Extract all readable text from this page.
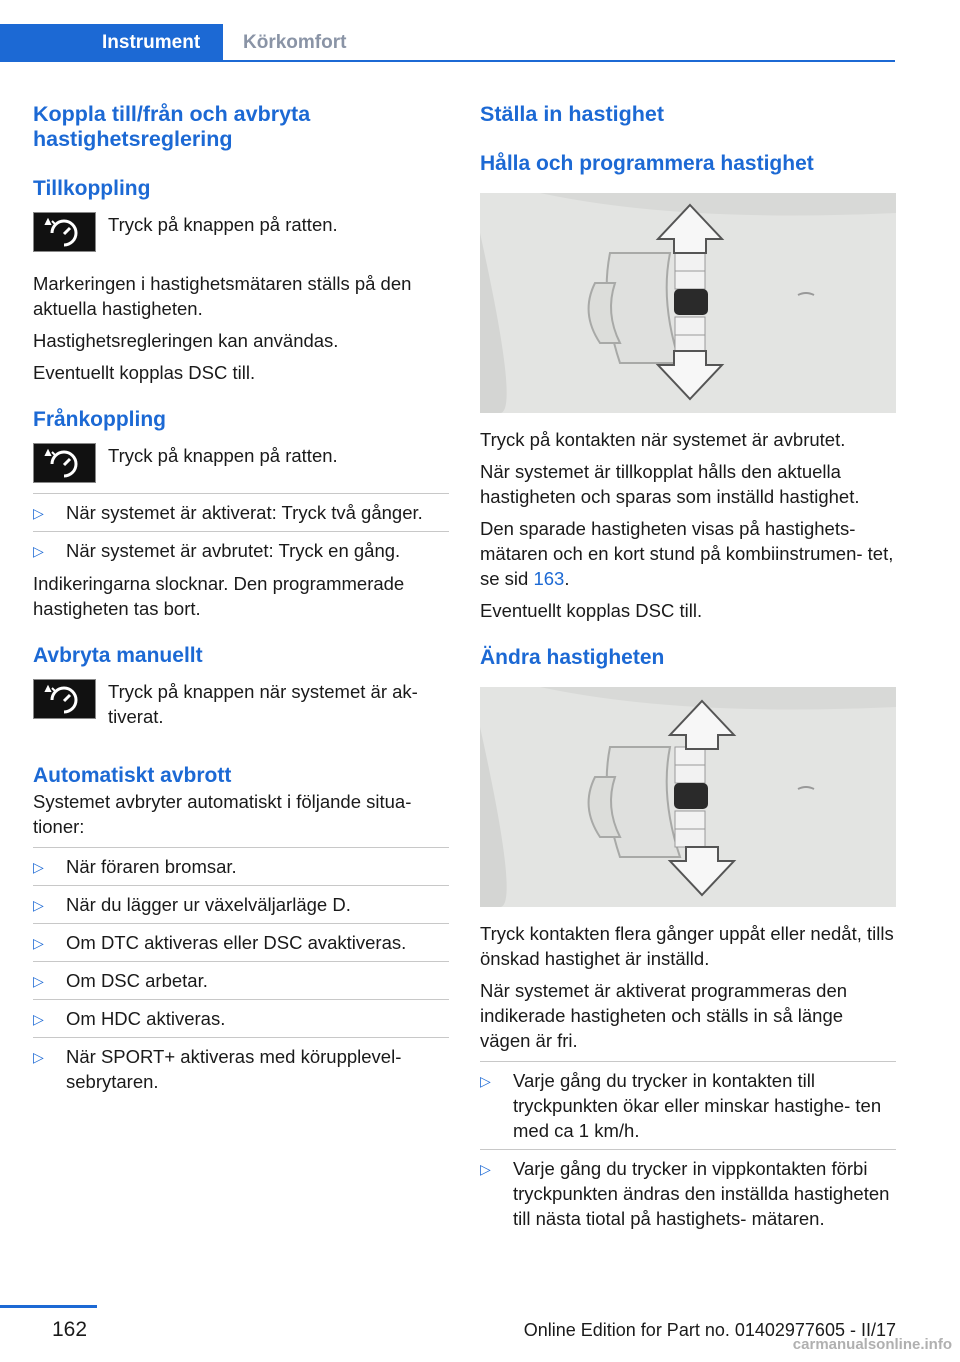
Instrument	Körkomfort
Koppla till/från och avbryta hastighetsreglering
Tillkoppling
Tryck på knappen på ratten.

Markeringen i hastighetsmätaren ställs på den aktuella hastigheten.

Hastighetsregleringen kan användas.

Eventuellt kopplas DSC till.

Frånkoppling
Tryck på knappen på ratten.
▷ När systemet är aktiverat: Tryck två gånger.
▷ När systemet är avbrutet: Tryck en gång.

Indikeringarna slocknar. Den programmerade hastigheten tas bort.

Avbryta manuellt
Tryck på knappen när systemet är ak- tiverat.
Automatiskt avbrott

Systemet avbryter automatiskt i följande situa- tioner:

▷ När föraren bromsar.
▷ När du lägger ur växelväljarläge D.
▷ Om DTC aktiveras eller DSC avaktiveras.
▷ Om DSC arbetar.
▷ Om HDC aktiveras.
▷ När SPORT+ aktiveras med körupplevel- sebrytaren.
Ställa in hastighet
Hålla och programmera hastighet

Tryck på kontakten när systemet är avbrutet.

När systemet är tillkopplat hålls den aktuella hastigheten och sparas som inställd hastighet.

Den sparade hastigheten visas på hastighets- mätaren och en kort stund på kombiinstrumen- tet, se sid 163.

Eventuellt kopplas DSC till.

Ändra hastigheten

Tryck kontakten flera gånger uppåt eller nedåt, tills önskad hastighet är inställd.

När systemet är aktiverat programmeras den indikerade hastigheten och ställs in så länge vägen är fri.

▷ Varje gång du trycker in kontakten till tryckpunkten ökar eller minskar hastighe- ten med ca 1 km/h.
▷ Varje gång du trycker in vippkontakten förbi tryckpunkten ändras den inställda hastigheten till nästa tiotal på hastighets- mätaren.
162	Online Edition for Part no. 01402977605 - II/17
carmanualsonline.info
